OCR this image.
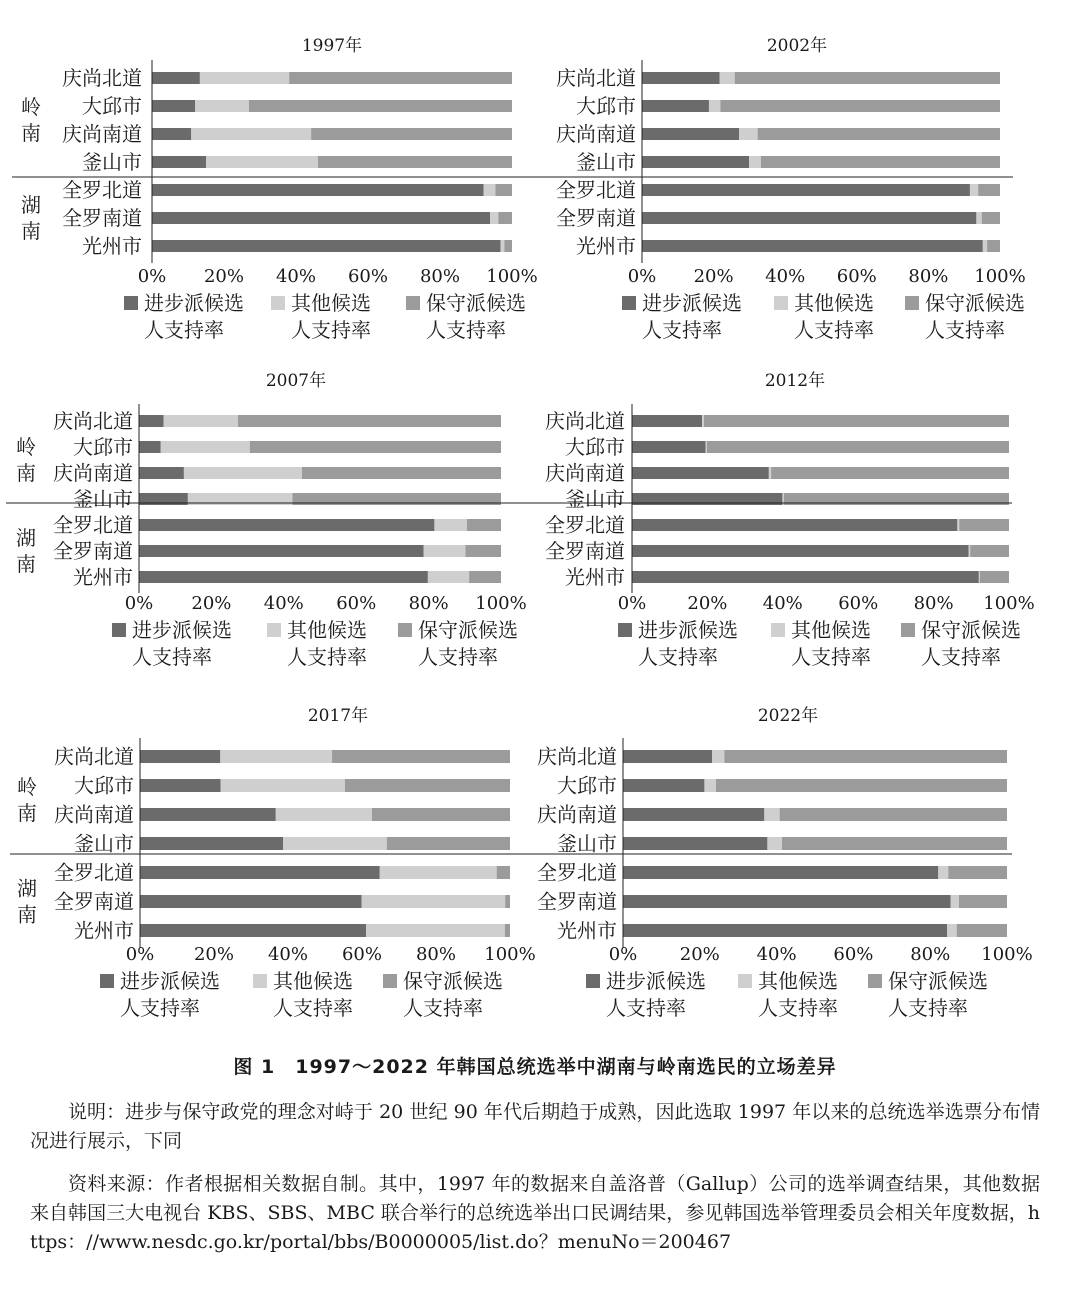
1997年
庆尚北道
大邱市
庆尚南道
釜山市
全罗北道
全罗南道
光州市
0% 20% 40% 60% 80% 100%
岭
南
湖
南
进步派候选
人支持率
其他候选
人支持率
保守派候选
人支持率
2002年
庆尚北道
大邱市
庆尚南道
釜山市
全罗北道
全罗南道
光州市
0% 20% 40% 60% 80% 100%
进步派候选
人支持率
其他候选
人支持率
保守派候选
人支持率
2007年
庆尚北道
大邱市
庆尚南道
釜山市
全罗北道
全罗南道
光州市
0% 20% 40% 60% 80% 100%
岭
南
湖
南
进步派候选
人支持率
其他候选
人支持率
保守派候选
人支持率
2012年
庆尚北道
大邱市
庆尚南道
釜山市
全罗北道
全罗南道
光州市
0% 20% 40% 60% 80% 100%
进步派候选
人支持率
其他候选
人支持率
保守派候选
人支持率
2017年
庆尚北道
大邱市
庆尚南道
釜山市
全罗北道
全罗南道
光州市
0% 20% 40% 60% 80% 100%
岭
南
湖
南
进步派候选
人支持率
其他候选
人支持率
保守派候选
人支持率
2022年
庆尚北道
大邱市
庆尚南道
釜山市
全罗北道
全罗南道
光州市
0% 20% 40% 60% 80% 100%
进步派候选
人支持率
其他候选
人支持率
保守派候选
人支持率

图 1　1997～2022 年韩国总统选举中湖南与岭南选民的立场差异

说明：进步与保守政党的理念对峙于 20 世纪 90 年代后期趋于成熟，因此选取 1997 年以来的总统选举选票分布情况进行展示，下同

资料来源：作者根据相关数据自制。其中，1997 年的数据来自盖洛普（Gallup）公司的选举调查结果，其他数据来自韩国三大电视台 KBS、SBS、MBC 联合举行的总统选举出口民调结果，参见韩国选举管理委员会相关年度数据，https：//www.nesdc.go.kr/portal/bbs/B0000005/list.do？menuNo＝200467
